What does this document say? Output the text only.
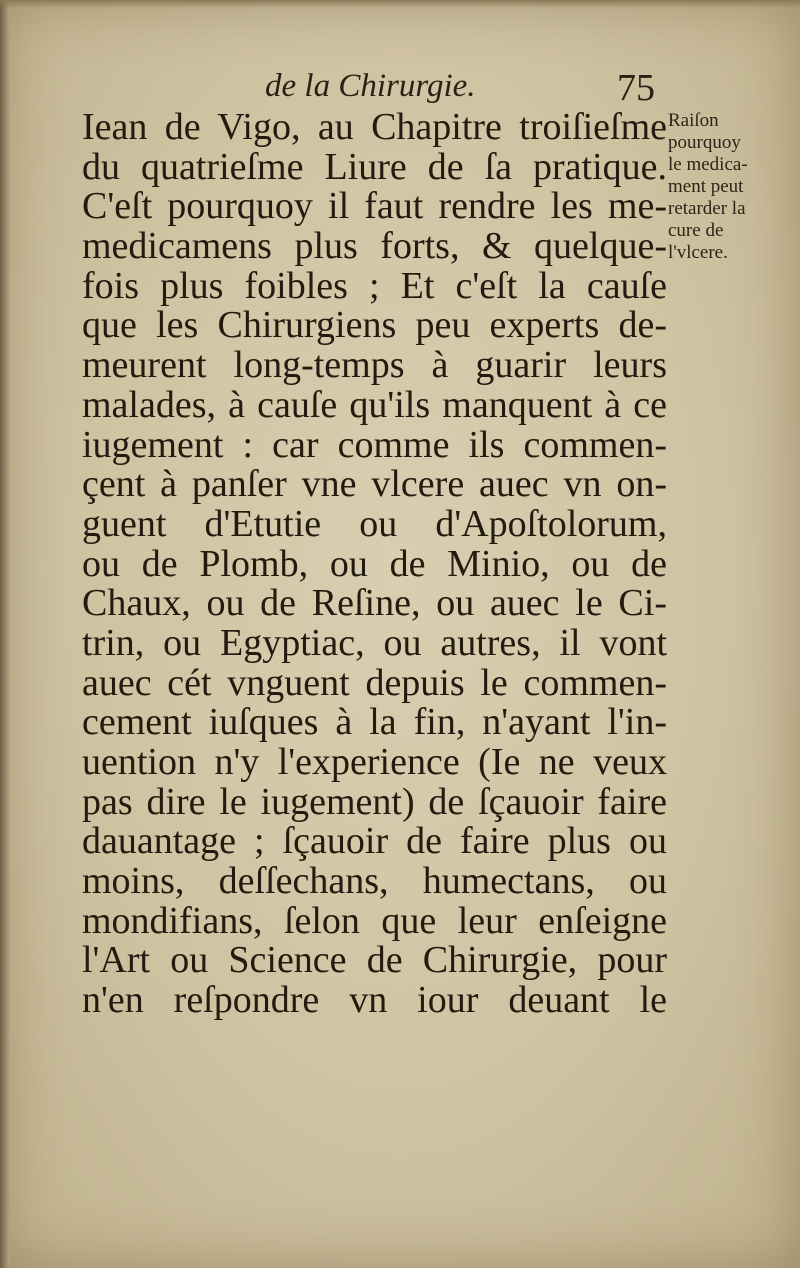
de la Chirurgie.	75
Iean de Vigo, au Chapitre troiſieſme
du quatrieſme Liure de ſa pratique.
C'eſt pourquoy il faut rendre les me-
medicamens plus forts, & quelque-
fois plus foibles ; Et c'eſt la cauſe
que les Chirurgiens peu experts de-
meurent long-temps à guarir leurs
malades, à cauſe qu'ils manquent à ce
iugement : car comme ils commen-
çent à panſer vne vlcere auec vn on-
guent d'Etutie ou d'Apoſtolorum,
ou de Plomb, ou de Minio, ou de
Chaux, ou de Reſine, ou auec le Ci-
trin, ou Egyptiac, ou autres, il vont
auec cét vnguent depuis le commen-
cement iuſques à la fin, n'ayant l'in-
uention n'y l'experience (Ie ne veux
pas dire le iugement) de ſçauoir faire
dauantage ; ſçauoir de faire plus ou
moins, deſſechans, humectans, ou
mondifians, ſelon que leur enſeigne
l'Art ou Science de Chirurgie, pour
n'en reſpondre vn iour deuant le
Raiſon
pourquoy
le medica-
ment peut
retarder la
cure de
l'vlcere.
